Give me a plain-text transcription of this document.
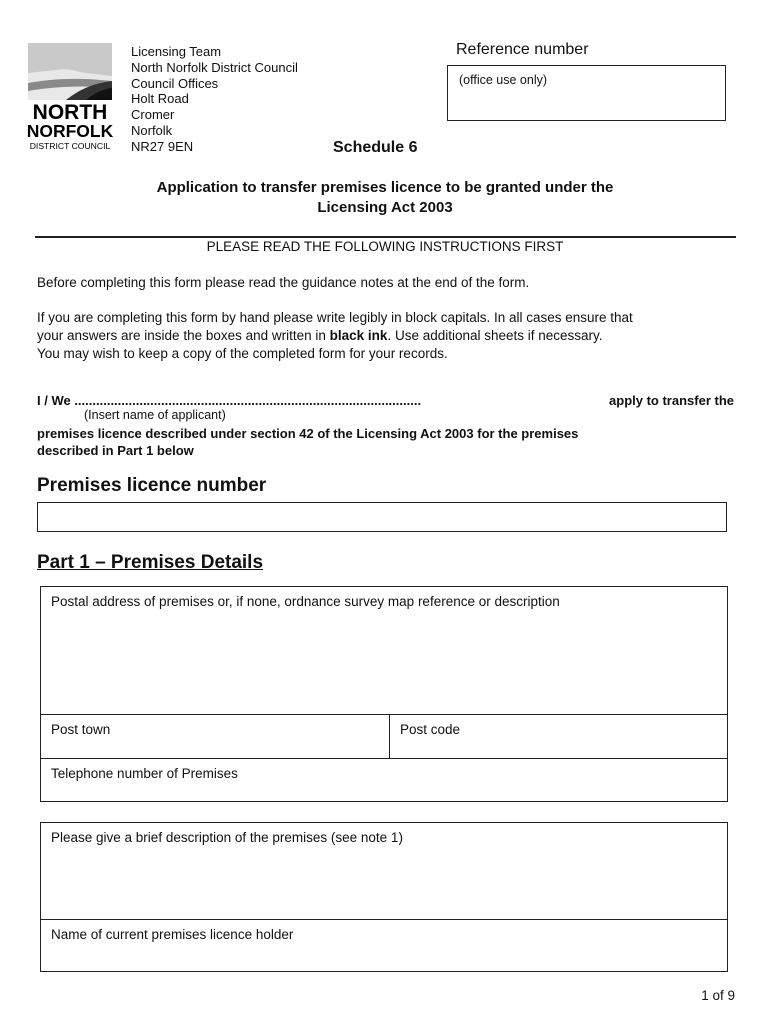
NORTH
NORFOLK
DISTRICT COUNCIL
Licensing Team
North Norfolk District Council
Council Offices
Holt Road
Cromer
Norfolk
NR27 9EN
Reference number
(office use only)
Schedule 6
Application to transfer premises licence to be granted under the
Licensing Act 2003
PLEASE READ THE FOLLOWING INSTRUCTIONS FIRST
Before completing this form please read the guidance notes at the end of the form.
If you are completing this form by hand please write legibly in block capitals. In all cases ensure that
your answers are inside the boxes and written in black ink. Use additional sheets if necessary.
You may wish to keep a copy of the completed form for your records.
I / We ................................................................................................	apply to transfer the
(Insert name of applicant)
premises licence described under section 42 of the Licensing Act 2003 for the premises
described in Part 1 below
Premises licence number
Part 1 – Premises Details
Postal address of premises or, if none, ordnance survey map reference or description
Post town	Post code
Telephone number of Premises
Please give a brief description of the premises (see note 1)
Name of current premises licence holder
1 of 9
